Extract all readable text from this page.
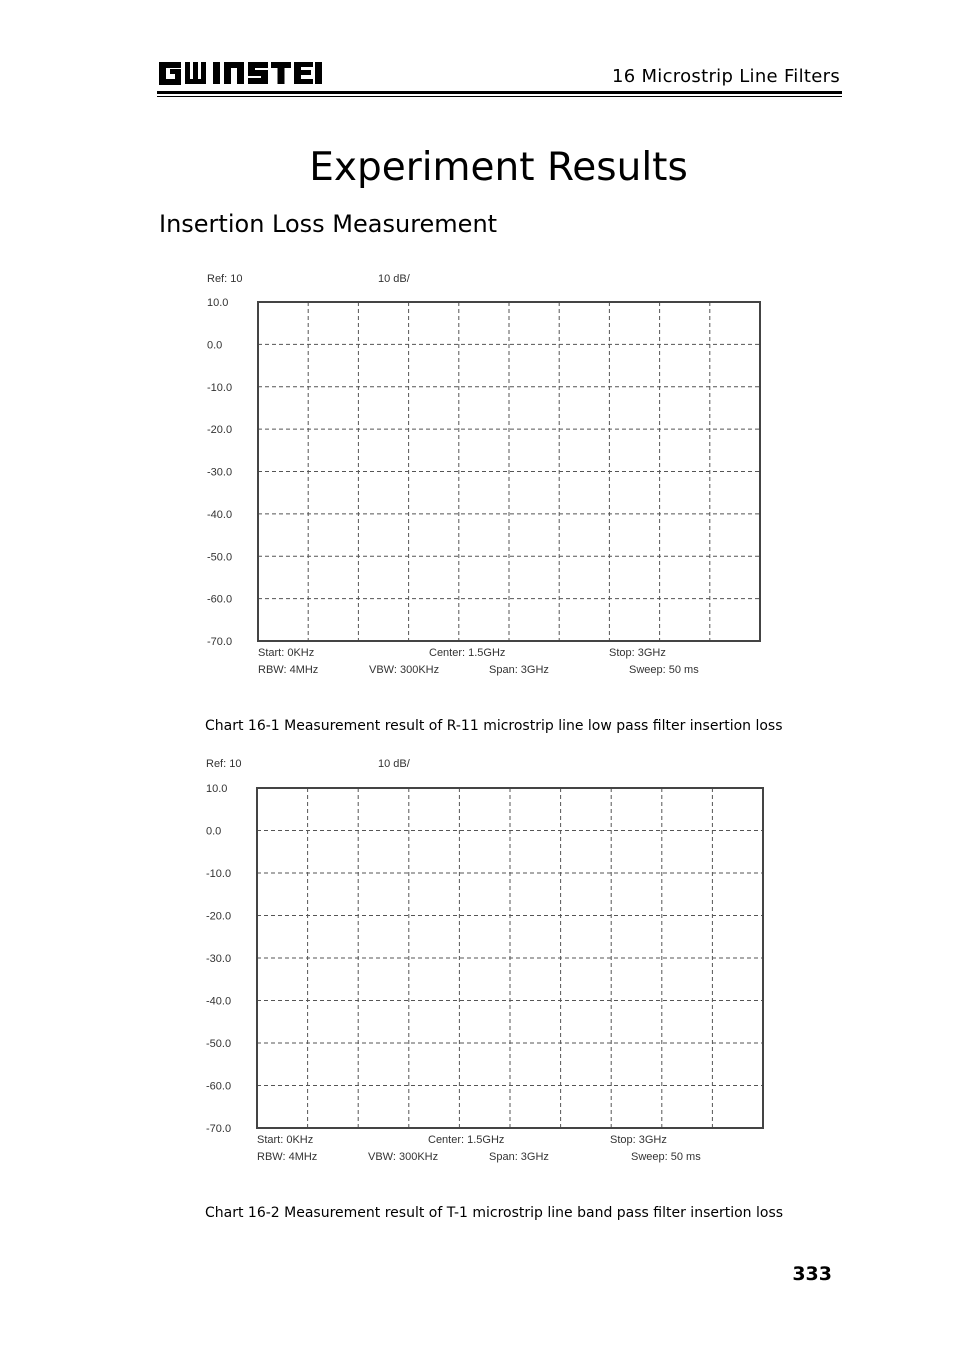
16 Microstrip Line Filters
Experiment Results
Insertion Loss Measurement
10.0
0.0
-10.0
-20.0
-30.0
-40.0
-50.0
-60.0
-70.0
Ref: 10	10 dB/
Start: 0KHz	Center: 1.5GHz	Stop: 3GHz
RBW: 4MHz	VBW: 300KHz	Span: 3GHz	Sweep: 50 ms
Chart 16-1 Measurement result of R-11 microstrip line low pass filter insertion loss
10.0
0.0
-10.0
-20.0
-30.0
-40.0
-50.0
-60.0
-70.0
Ref: 10	10 dB/
Start: 0KHz	Center: 1.5GHz	Stop: 3GHz
RBW: 4MHz	VBW: 300KHz	Span: 3GHz	Sweep: 50 ms
Chart 16-2 Measurement result of T-1 microstrip line band pass filter insertion loss
333
